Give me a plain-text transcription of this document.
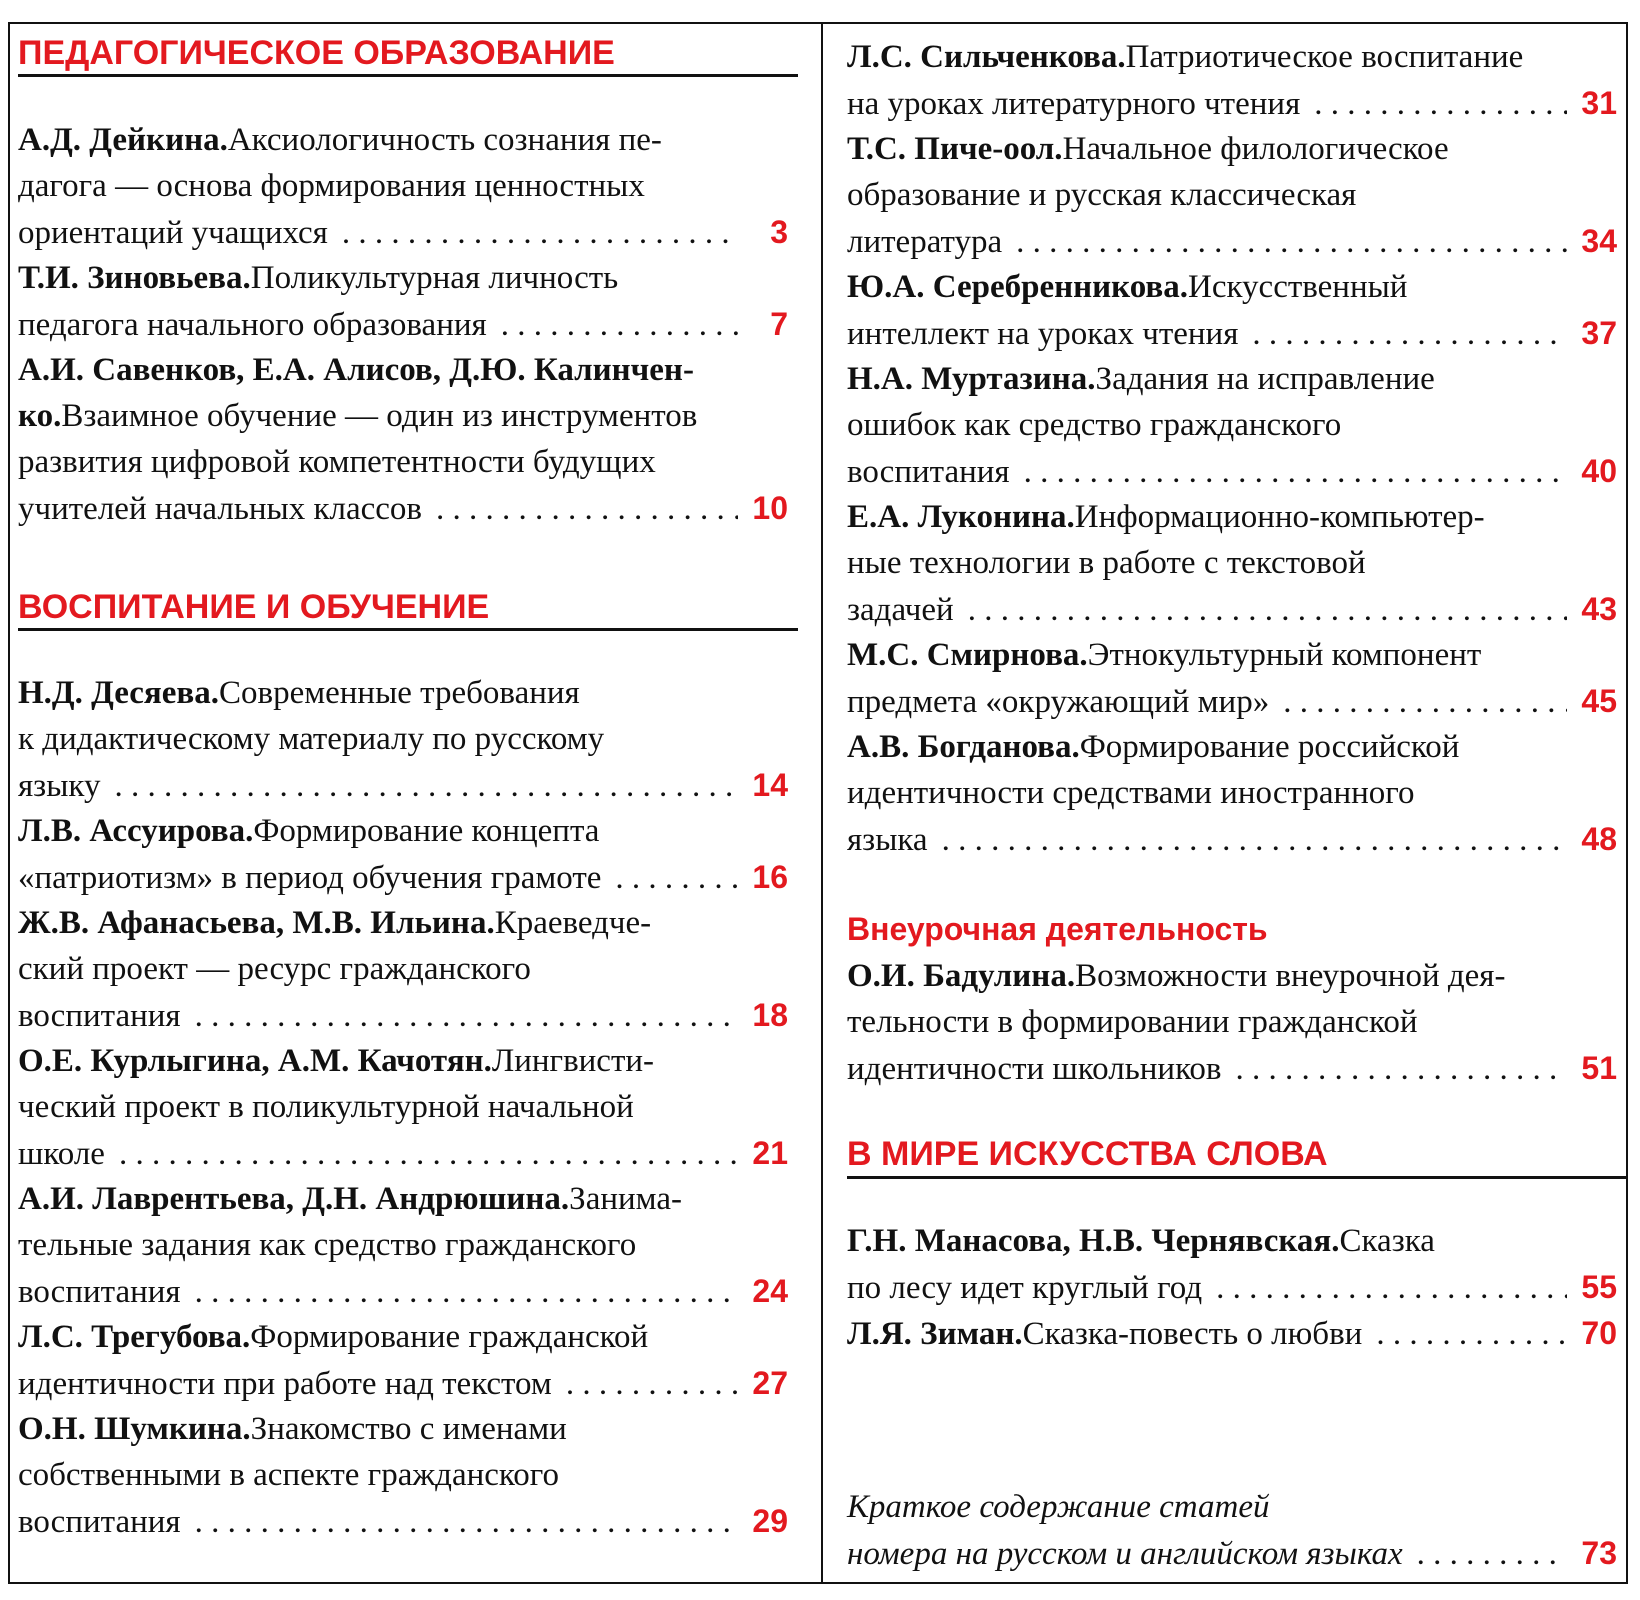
ПЕДАГОГИЧЕСКОЕ ОБРАЗОВАНИЕ
А.Д. Дейкина. Аксиологичность сознания пе-
дагога — основа формирования ценностных
ориентаций учащихся . . .	3
Т.И. Зиновьева. Поликультурная личность
педагога начального образования . . .	7
А.И. Савенков, Е.А. Алисов, Д.Ю. Калинчен-
ко. Взаимное обучение — один из инструментов
развития цифровой компетентности будущих
учителей начальных классов . . .	10
ВОСПИТАНИЕ И ОБУЧЕНИЕ
Н.Д. Десяева. Современные требования
к дидактическому материалу по русскому
языку . . .	14
Л.В. Ассуирова. Формирование концепта
«патриотизм» в период обучения грамоте . . .	16
Ж.В. Афанасьева, М.В. Ильина. Краеведче-
ский проект — ресурс гражданского
воспитания . . .	18
О.Е. Курлыгина, А.М. Качотян. Лингвисти-
ческий проект в поликультурной начальной
школе . . .	21
А.И. Лаврентьева, Д.Н. Андрюшина. Занима-
тельные задания как средство гражданского
воспитания . . .	24
Л.С. Трегубова. Формирование гражданской
идентичности при работе над текстом . . .	27
О.Н. Шумкина. Знакомство с именами
собственными в аспекте гражданского
воспитания . . .	29
Л.С. Сильченкова. Патриотическое воспитание
на уроках литературного чтения . . .	31
Т.С. Пиче-оол. Начальное филологическое
образование и русская классическая
литература . . .	34
Ю.А. Серебренникова. Искусственный
интеллект на уроках чтения . . .	37
Н.А. Муртазина. Задания на исправление
ошибок как средство гражданского
воспитания . . .	40
Е.А. Луконина. Информационно-компьютер-
ные технологии в работе с текстовой
задачей . . .	43
М.С. Смирнова. Этнокультурный компонент
предмета «окружающий мир» . . .	45
А.В. Богданова. Формирование российской
идентичности средствами иностранного
языка . . .	48
Внеурочная деятельность
О.И. Бадулина. Возможности внеурочной дея-
тельности в формировании гражданской
идентичности школьников . . .	51
В МИРЕ ИСКУССТВА СЛОВА
Г.Н. Манасова, Н.В. Чернявская. Сказка
по лесу идет круглый год . . .	55
Л.Я. Зиман. Сказка-повесть о любви . . .	70
Краткое содержание статей
номера на русском и английском языках . . .	73
